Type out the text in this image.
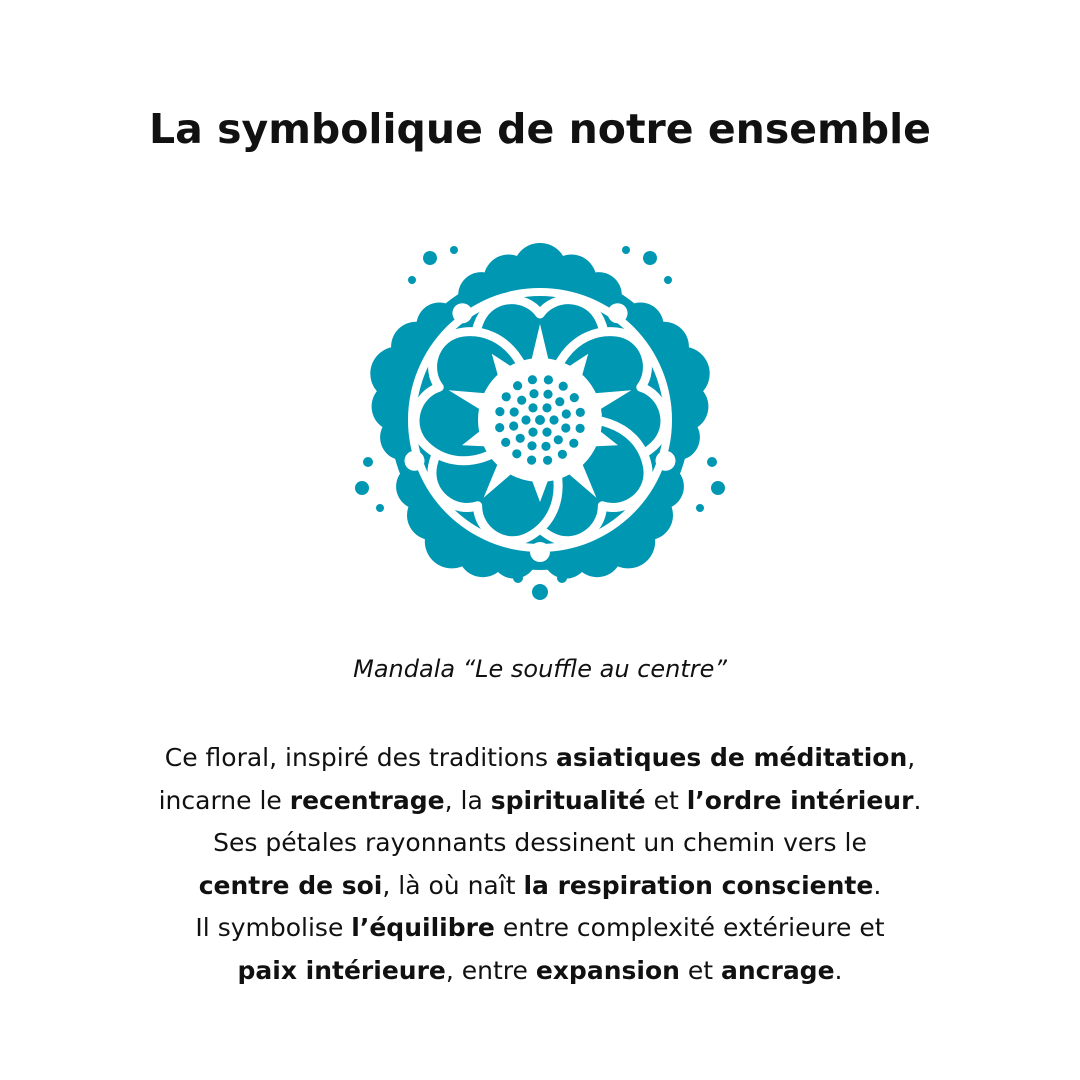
La symbolique de notre ensemble
Mandala “Le souffle au centre”
Ce floral, inspiré des traditions asiatiques de méditation,
incarne le recentrage, la spiritualité et l’ordre intérieur.
Ses pétales rayonnants dessinent un chemin vers le
centre de soi, là où naît la respiration consciente.
Il symbolise l’équilibre entre complexité extérieure et
paix intérieure, entre expansion et ancrage.
